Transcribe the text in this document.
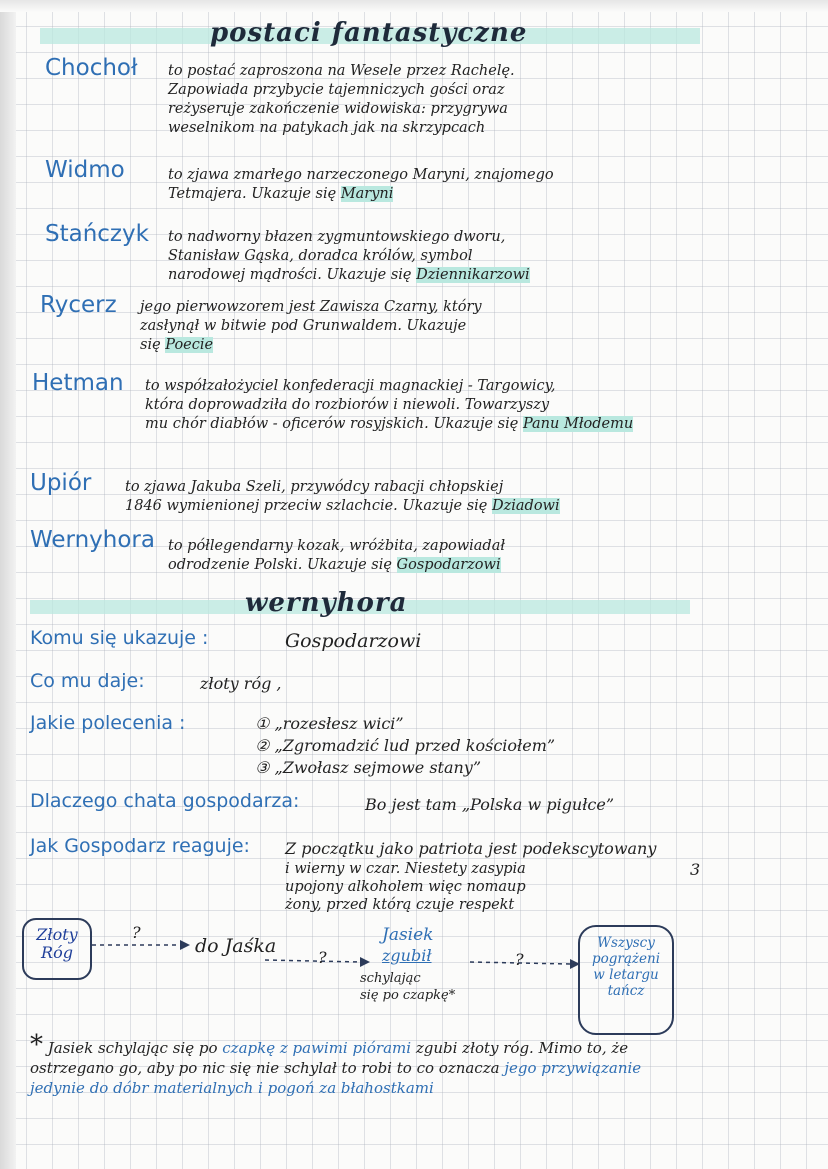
postaci fantastyczne
Chochoł to postać zaproszona na Wesele przez Rachelę.
Zapowiada przybycie tajemniczych gości oraz
reżyseruje zakończenie widowiska: przygrywa
weselnikom na patykach jak na skrzypcach
Widmo	to zjawa zmarłego narzeczonego Maryni, znajomego
Tetmajera. Ukazuje się Maryni
Stańczyk to nadworny błazen zygmuntowskiego dworu,
Stanisław Gąska, doradca królów, symbol
narodowej mądrości. Ukazuje się Dziennikarzowi
Rycerz jego pierwowzorem jest Zawisza Czarny, który
zasłynął w bitwie pod Grunwaldem. Ukazuje
się Poecie
Hetman to współzałożyciel konfederacji magnackiej - Targowicy,
która doprowadziła do rozbiorów i niewoli. Towarzyszy
mu chór diabłów - oficerów rosyjskich. Ukazuje się Panu Młodemu
Upiór to zjawa Jakuba Szeli, przywódcy rabacji chłopskiej
1846 wymienionej przeciw szlachcie. Ukazuje się Dziadowi
Wernyhora to półlegendarny kozak, wróżbita, zapowiadał
odrodzenie Polski. Ukazuje się Gospodarzowi
wernyhora
Komu się ukazuje :	Gospodarzowi
Co mu daje:	złoty róg ,
Jakie polecenia :	① „rozesłesz wici”
② „Zgromadzić lud przed kościołem”
③ „Zwołasz sejmowe stany”
Dlaczego chata gospodarza:	Bo jest tam „Polska w pigułce”
Jak Gospodarz reaguje: Z początku jako patriota jest podekscytowany
i wierny w czar. Niestety zasypia
upojony alkoholem więc nomaup
żony, przed którą czuje respekt
3
Złoty Róg
?
?	?
do Jaśka	Jasiek
zgubił
schylając
się po czapkę*
Wszyscy
pogrążeni
w letargu
tańcz
* Jasiek schylając się po czapkę z pawimi piórami zgubi złoty róg. Mimo to, że ostrzegano go, aby po nic się nie schylał to robi to co oznacza jego przywiązanie jedynie do dóbr materialnych i pogoń za błahostkami
